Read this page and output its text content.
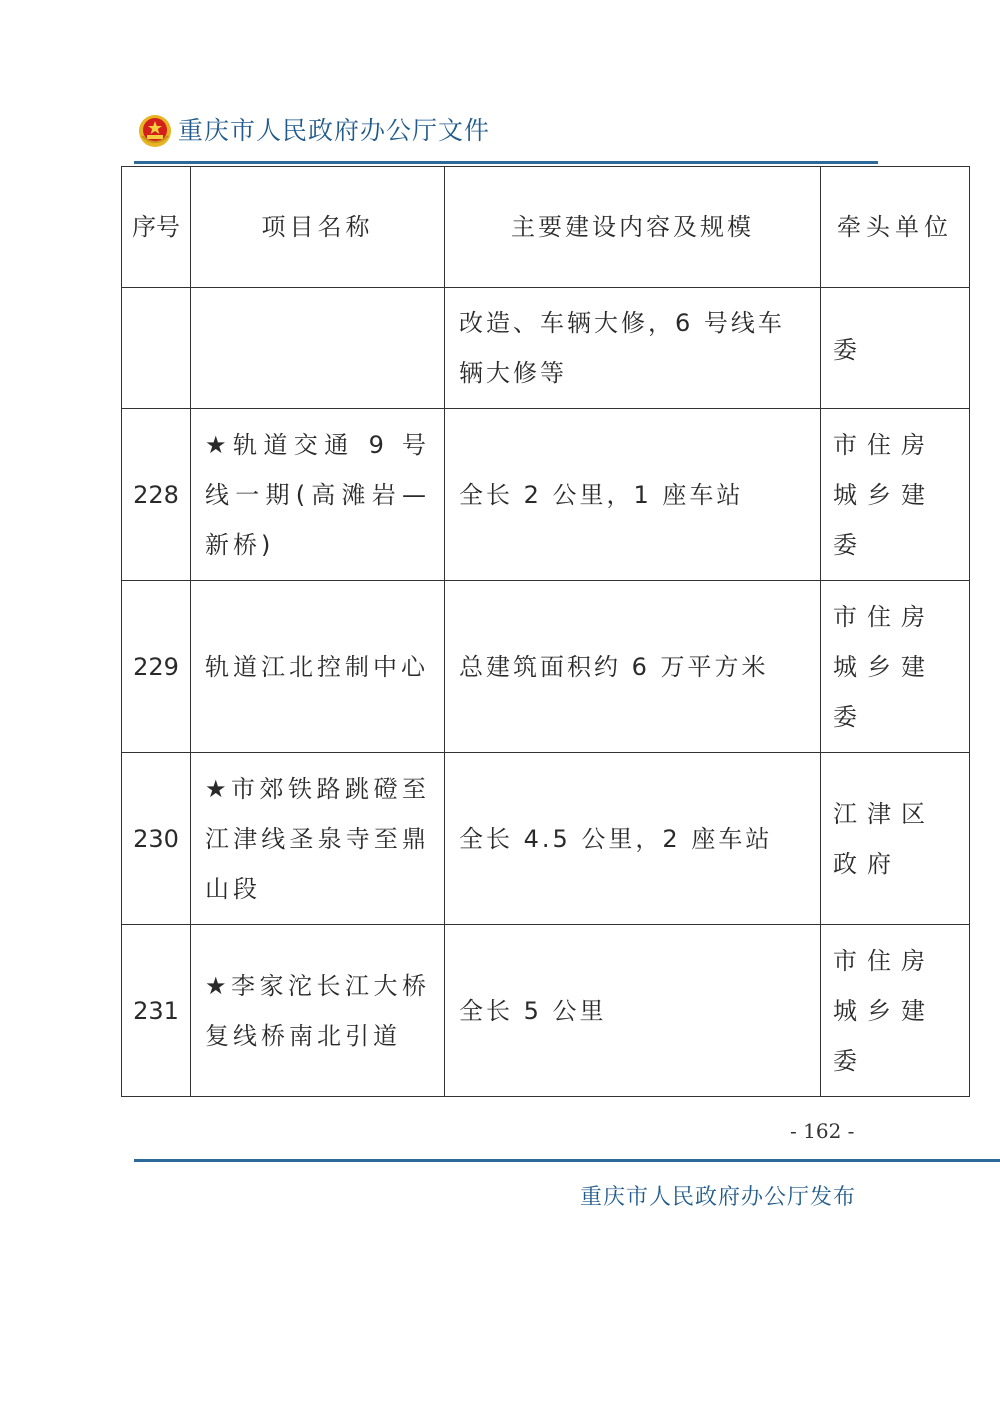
重庆市人民政府办公厅文件
序号	项目名称	主要建设内容及规模	牵头单位
		改造、车辆大修，6 号线车辆大修等	委
228	★轨道交通 9 号线一期(高滩岩—新桥)	全长 2 公里，1 座车站	市住房城乡建委
229	轨道江北控制中心	总建筑面积约 6 万平方米	市住房城乡建委
230	★市郊铁路跳磴至江津线圣泉寺至鼎山段	全长 4.5 公里，2 座车站	江津区政府
231	★李家沱长江大桥复线桥南北引道	全长 5 公里	市住房城乡建委
- 162 -
重庆市人民政府办公厅发布
